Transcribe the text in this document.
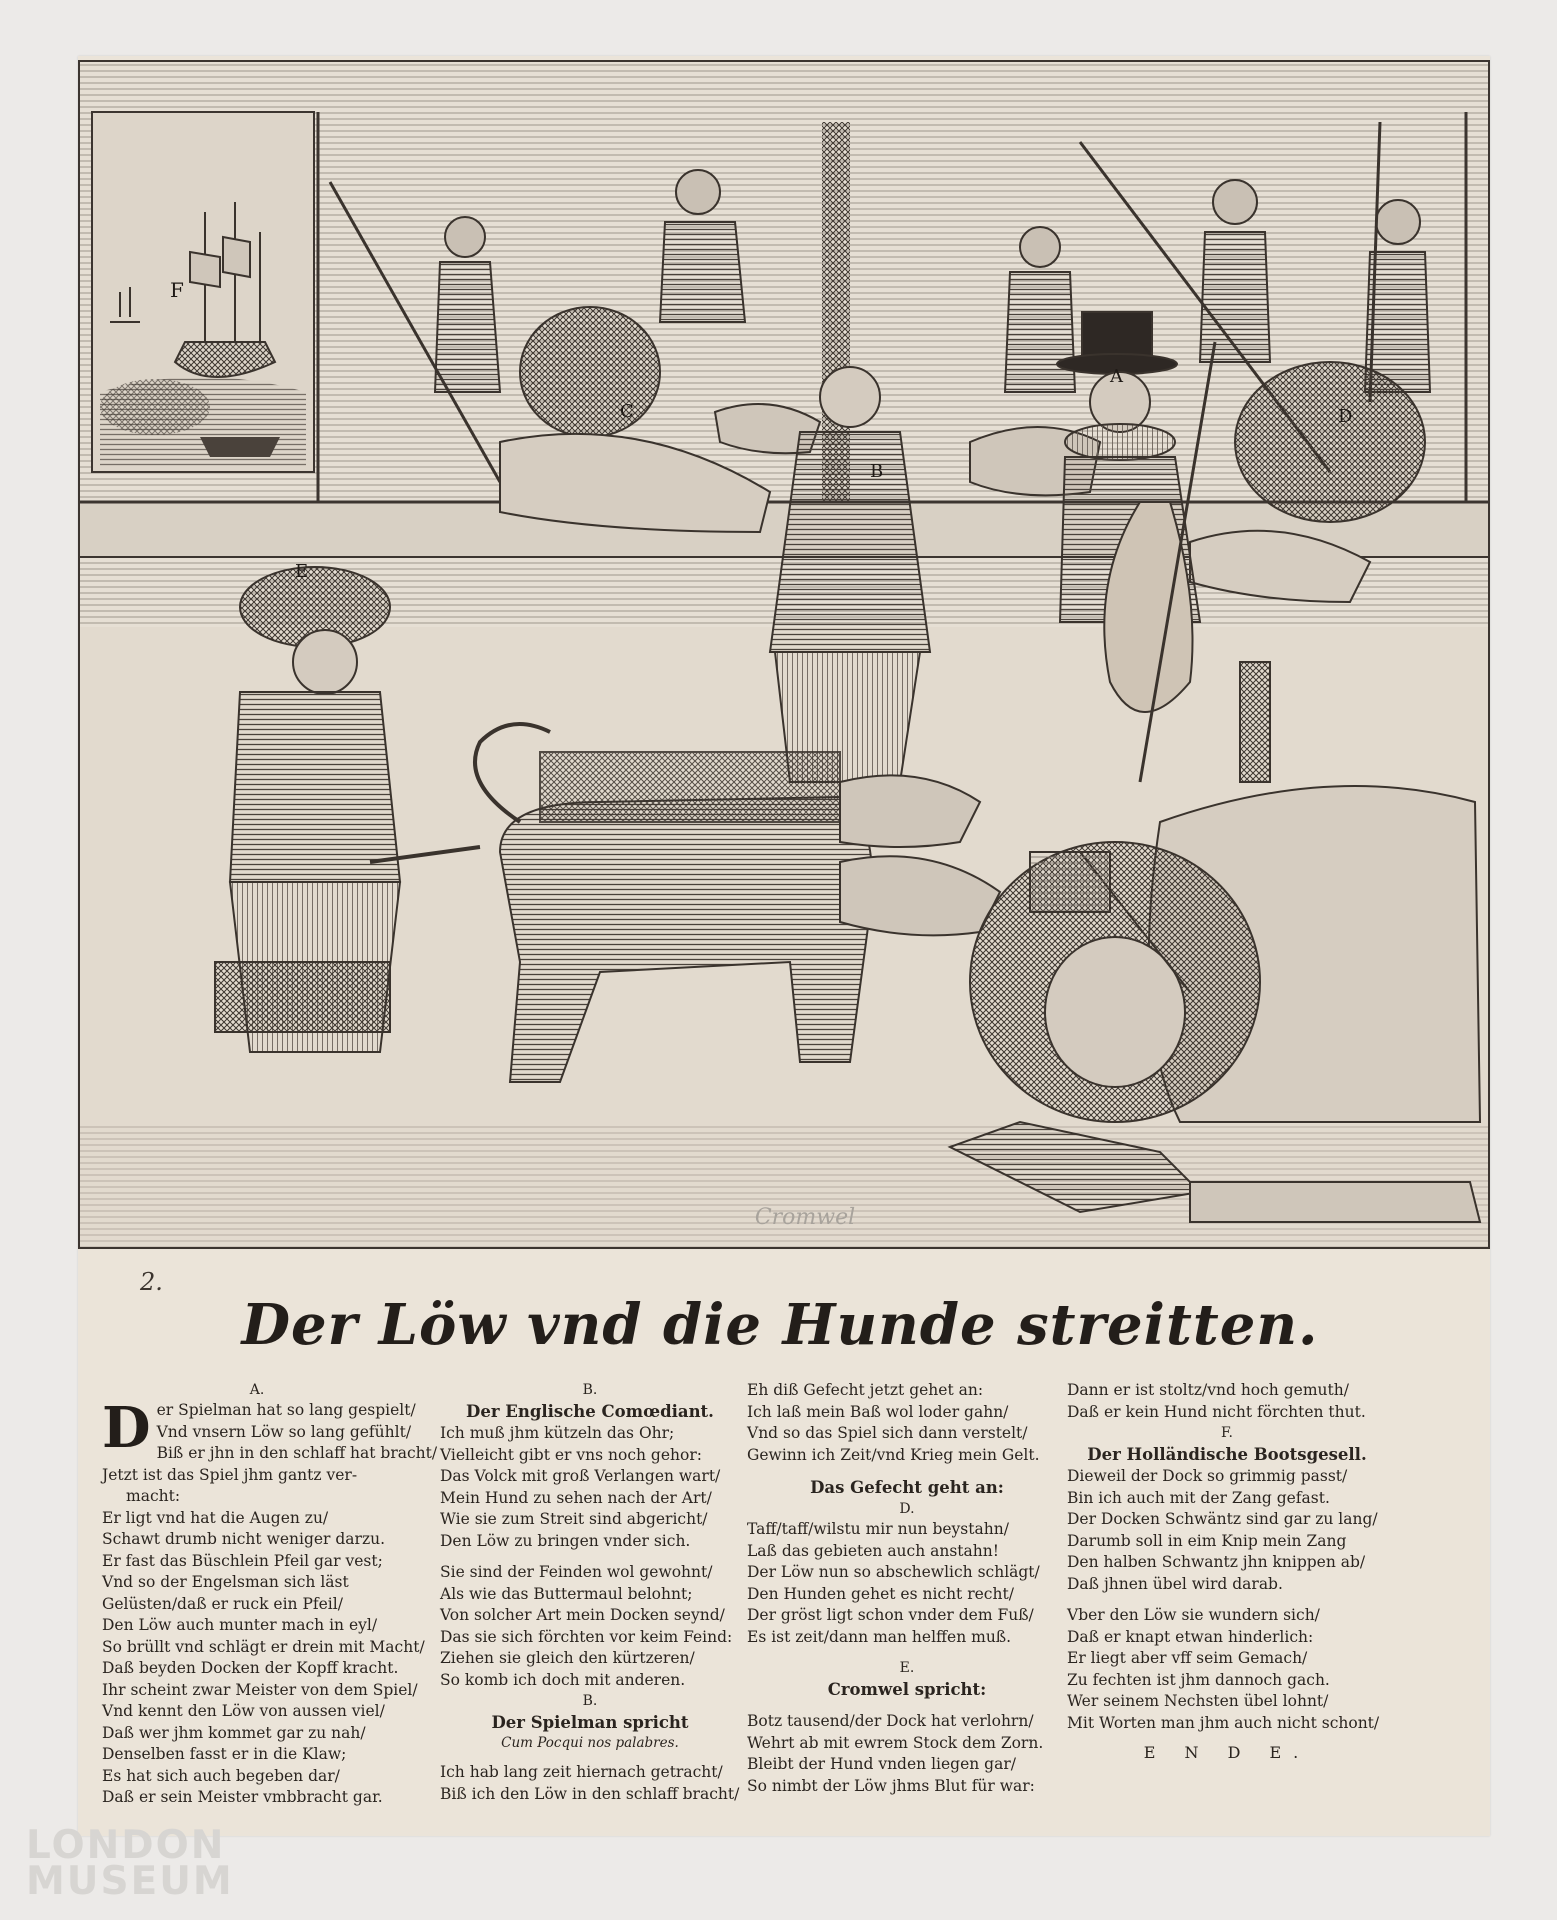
F
C
B
A
D
E
Cromwel
2.
Der Löw vnd die Hunde streitten.
A.
D er Spielman hat so lang gespielt/
Vnd vnsern Löw so lang gefühlt/
Biß er jhn in den schlaff hat bracht/
Jetzt ist das Spiel jhm gantz ver-
macht:
Er ligt vnd hat die Augen zu/
Schawt drumb nicht weniger darzu.
Er fast das Büschlein Pfeil gar vest;
Vnd so der Engelsman sich läst
Gelüsten/daß er ruck ein Pfeil/
Den Löw auch munter mach in eyl/
So brüllt vnd schlägt er drein mit Macht/
Daß beyden Docken der Kopff kracht.
Ihr scheint zwar Meister von dem Spiel/
Vnd kennt den Löw von aussen viel/
Daß wer jhm kommet gar zu nah/
Denselben fasst er in die Klaw;
Es hat sich auch begeben dar/
Daß er sein Meister vmbbracht gar.
B.
Der Englische Comœdiant.
Ich muß jhm kützeln das Ohr;
Vielleicht gibt er vns noch gehor:
Das Volck mit groß Verlangen wart/
Mein Hund zu sehen nach der Art/
Wie sie zum Streit sind abgericht/
Den Löw zu bringen vnder sich.
Sie sind der Feinden wol gewohnt/
Als wie das Buttermaul belohnt;
Von solcher Art mein Docken seynd/
Das sie sich förchten vor keim Feind:
Ziehen sie gleich den kürtzeren/
So komb ich doch mit anderen.
B.
Der Spielman spricht
Cum Pocqui nos palabres.
Ich hab lang zeit hiernach getracht/
Biß ich den Löw in den schlaff bracht/
Eh diß Gefecht jetzt gehet an:
Ich laß mein Baß wol loder gahn/
Vnd so das Spiel sich dann verstelt/
Gewinn ich Zeit/vnd Krieg mein Gelt.
Das Gefecht geht an:
D.
Taff/taff/wilstu mir nun beystahn/
Laß das gebieten auch anstahn!
Der Löw nun so abschewlich schlägt/
Den Hunden gehet es nicht recht/
Der gröst ligt schon vnder dem Fuß/
Es ist zeit/dann man helffen muß.
E.
Cromwel spricht:
Botz tausend/der Dock hat verlohrn/
Wehrt ab mit ewrem Stock dem Zorn.
Bleibt der Hund vnden liegen gar/
So nimbt der Löw jhms Blut für war:
Dann er ist stoltz/vnd hoch gemuth/
Daß er kein Hund nicht förchten thut.
F.
Der Holländische Bootsgesell.
Dieweil der Dock so grimmig passt/
Bin ich auch mit der Zang gefast.
Der Docken Schwäntz sind gar zu lang/
Darumb soll in eim Knip mein Zang
Den halben Schwantz jhn knippen ab/
Daß jhnen übel wird darab.
Vber den Löw sie wundern sich/
Daß er knapt etwan hinderlich:
Er liegt aber vff seim Gemach/
Zu fechten ist jhm dannoch gach.
Wer seinem Nechsten übel lohnt/
Mit Worten man jhm auch nicht schont/
E N D E.
LONDON
MUSEUM
